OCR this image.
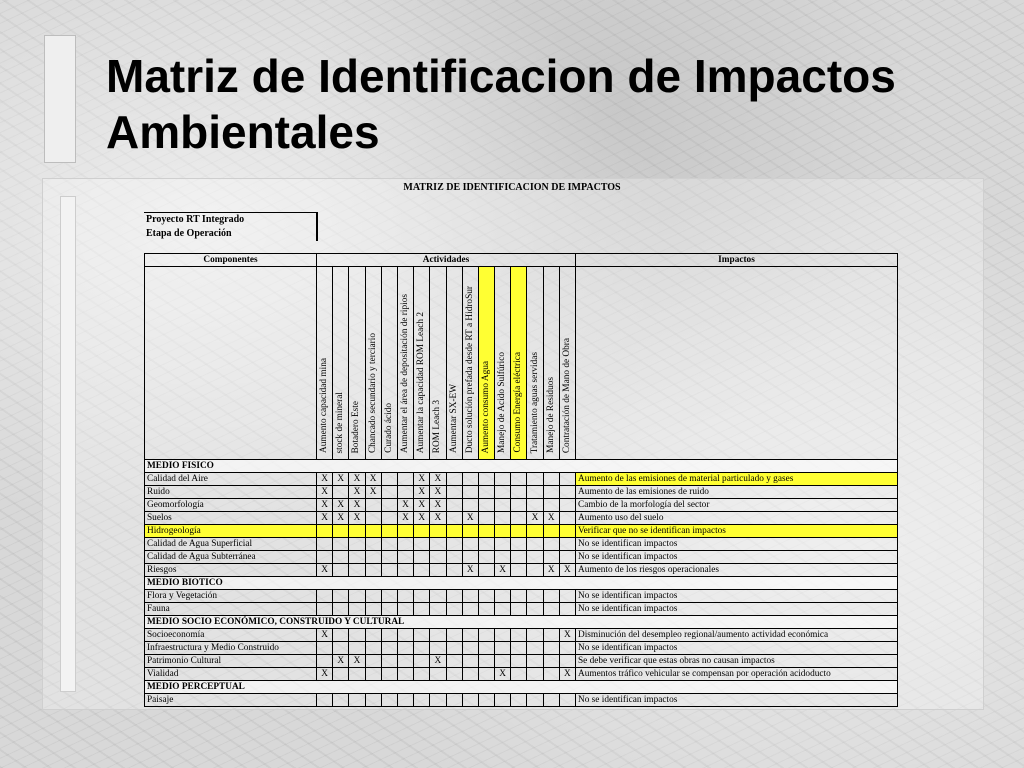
Matriz de Identificacion de Impactos Ambientales
MATRIZ DE IDENTIFICACION DE IMPACTOS
Proyecto RT Integrado
Etapa de Operación
Componentes	Actividades																Impactos
	Aumento capacidad mina	stock de mineral	Botadero Este	Chancado secundario y terciario	Curado ácido	Aumentar el área de depositación de ripios	Aumentar la capacidad ROM Leach 2	ROM Leach 3	Aumentar SX-EW	Ducto solución prefada desde RT a HidroSur	Aumento consumo Agua	Manejo de Acido Sulfúrico	Consumo Energía eléctrica	Tratamiento aguas servidas	Manejo de Residuos	Contratación de Mano de Obra	
MEDIO FISICO																	
Calidad del Aire	X	X	X	X			X	X									Aumento de las emisiones de material particulado y gases
Ruido	X		X	X			X	X									Aumento de las emisiones de ruido
Geomorfología	X	X	X			X	X	X									Cambio de la morfología del sector
Suelos	X	X	X			X	X	X		X				X	X		Aumento uso del suelo
Hidrogeología																	Verificar que no se identifican impactos
Calidad de Agua Superficial																	No se identifican impactos
Calidad de Agua Subterránea																	No se identifican impactos
Riesgos	X									X		X			X	X	Aumento de los riesgos operacionales
MEDIO BIOTICO																	
Flora y Vegetación																	No se identifican impactos
Fauna																	No se identifican impactos
MEDIO SOCIO ECONÓMICO, CONSTRUIDO Y CULTURAL																	
Socioeconomía	X															X	Disminución del desempleo regional/aumento actividad económica
Infraestructura y Medio Construido																	No se identifican impactos
Patrimonio Cultural		X	X					X									Se debe verificar que estas obras no causan impactos
Vialidad	X											X				X	Aumentos tráfico vehicular se compensan por operación acidoducto
MEDIO PERCEPTUAL																	
Paisaje																	No se identifican impactos
